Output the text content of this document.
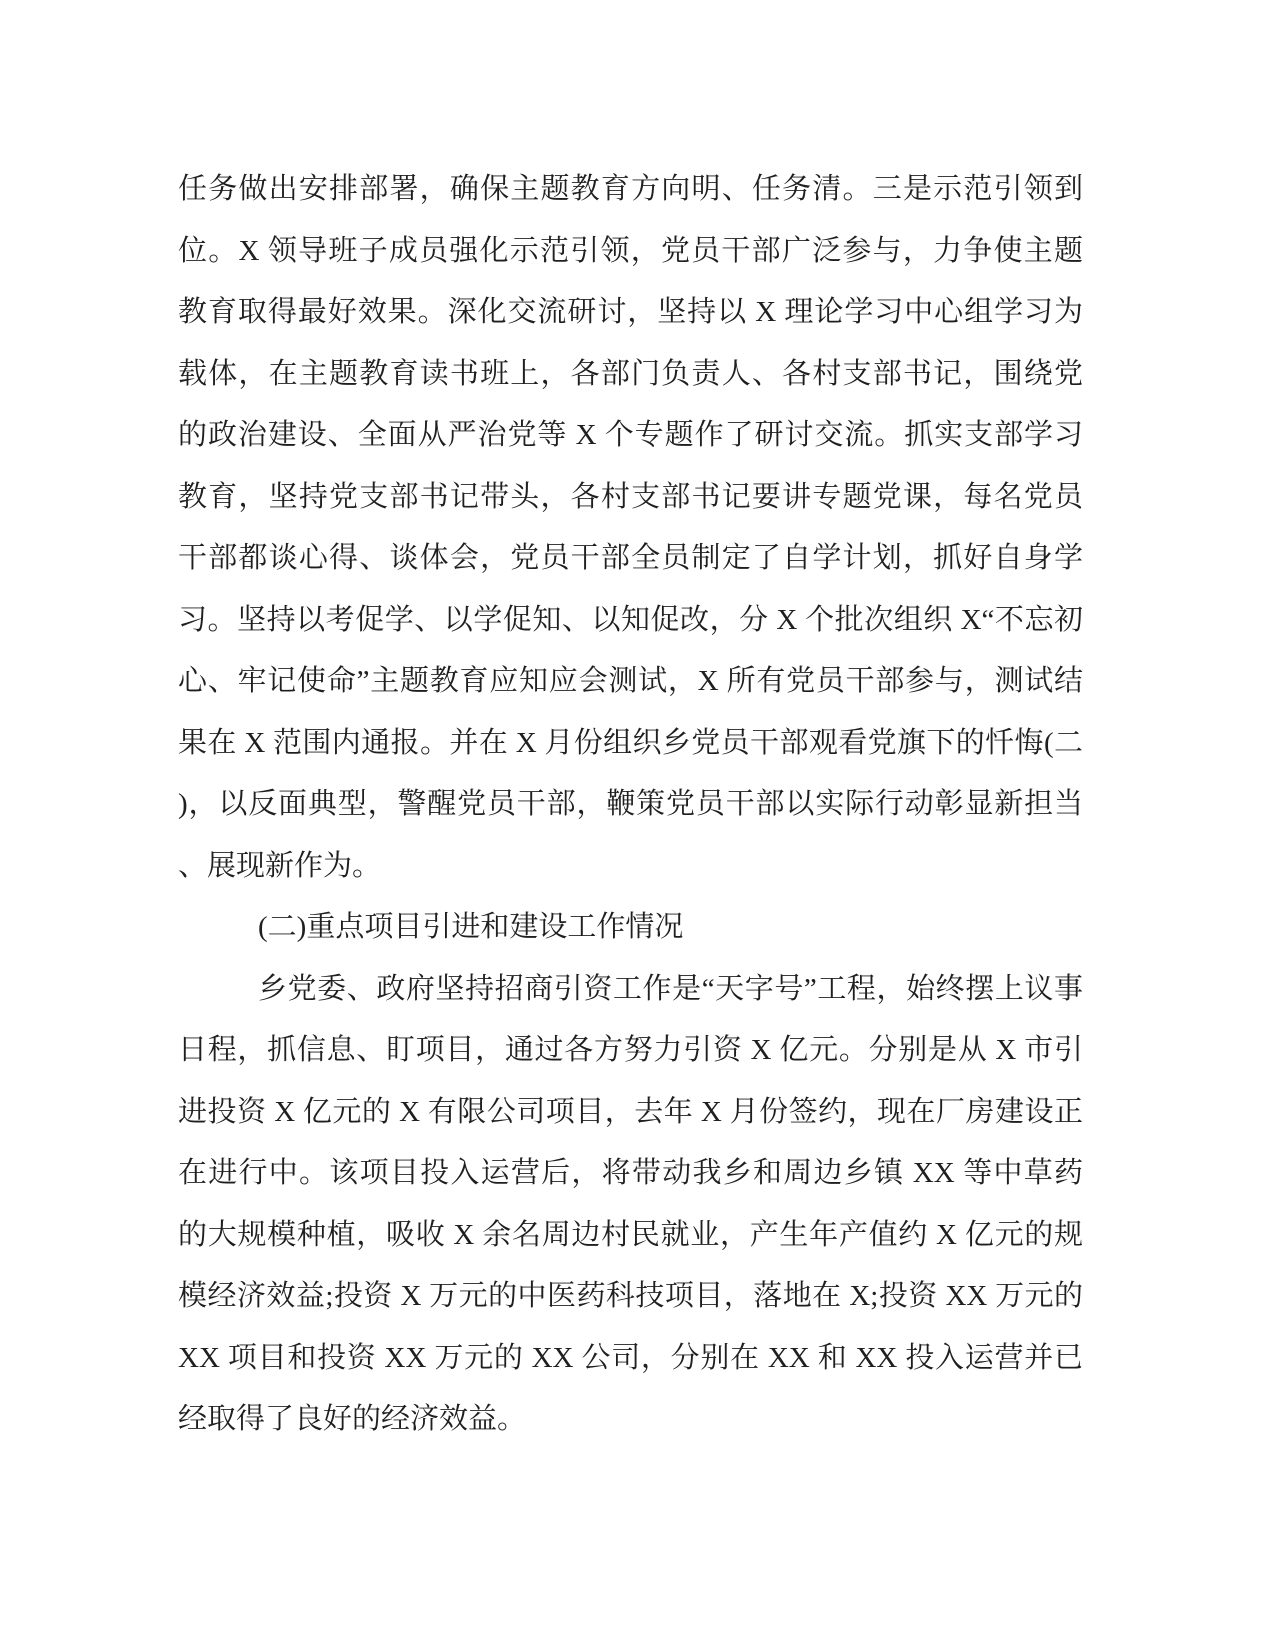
任务做出安排部署，确保主题教育方向明、任务清。三是示范引领到
位。X 领导班子成员强化示范引领，党员干部广泛参与，力争使主题
教育取得最好效果。深化交流研讨，坚持以 X 理论学习中心组学习为
载体，在主题教育读书班上，各部门负责人、各村支部书记，围绕党
的政治建设、全面从严治党等 X 个专题作了研讨交流。抓实支部学习
教育，坚持党支部书记带头，各村支部书记要讲专题党课，每名党员
干部都谈心得、谈体会，党员干部全员制定了自学计划，抓好自身学
习。坚持以考促学、以学促知、以知促改，分 X 个批次组织 X“不忘初
心、牢记使命”主题教育应知应会测试，X 所有党员干部参与，测试结
果在 X 范围内通报。并在 X 月份组织乡党员干部观看党旗下的忏悔(二
)，以反面典型，警醒党员干部，鞭策党员干部以实际行动彰显新担当
、展现新作为。
(二)重点项目引进和建设工作情况
乡党委、政府坚持招商引资工作是“天字号”工程，始终摆上议事
日程，抓信息、盯项目，通过各方努力引资 X 亿元。分别是从 X 市引
进投资 X 亿元的 X 有限公司项目，去年 X 月份签约，现在厂房建设正
在进行中。该项目投入运营后，将带动我乡和周边乡镇 XX 等中草药
的大规模种植，吸收 X 余名周边村民就业，产生年产值约 X 亿元的规
模经济效益;投资 X 万元的中医药科技项目，落地在 X;投资 XX 万元的
XX 项目和投资 XX 万元的 XX 公司，分别在 XX 和 XX 投入运营并已
经取得了良好的经济效益。
